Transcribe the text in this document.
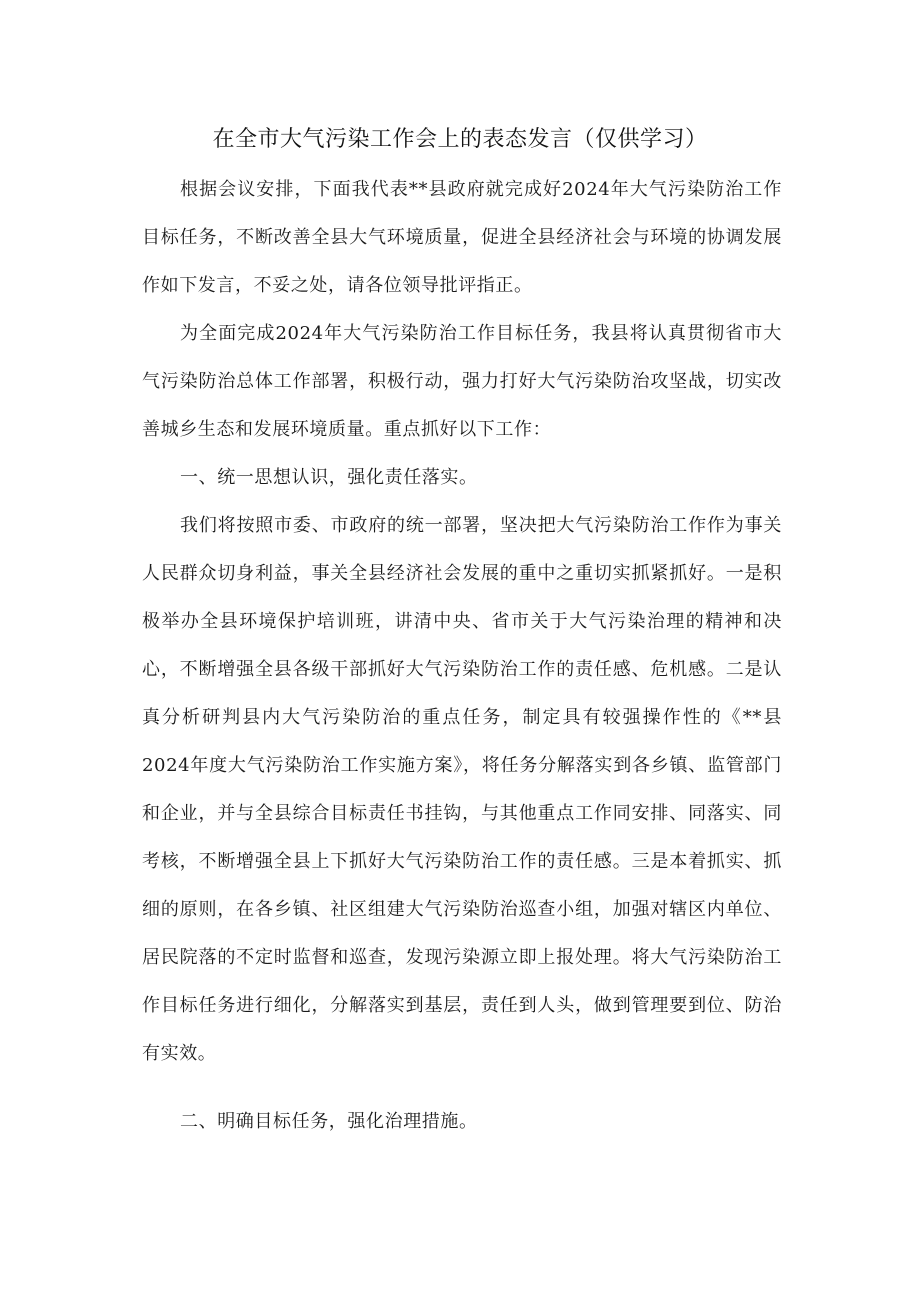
在全市大气污染工作会上的表态发言（仅供学习）

根据会议安排，下面我代表**县政府就完成好2024年大气污染防治工作目标任务，不断改善全县大气环境质量，促进全县经济社会与环境的协调发展作如下发言，不妥之处，请各位领导批评指正。

为全面完成2024年大气污染防治工作目标任务，我县将认真贯彻省市大气污染防治总体工作部署，积极行动，强力打好大气污染防治攻坚战，切实改善城乡生态和发展环境质量。重点抓好以下工作：

一、统一思想认识，强化责任落实。

我们将按照市委、市政府的统一部署，坚决把大气污染防治工作作为事关人民群众切身利益，事关全县经济社会发展的重中之重切实抓紧抓好。一是积极举办全县环境保护培训班，讲清中央、省市关于大气污染治理的精神和决心，不断增强全县各级干部抓好大气污染防治工作的责任感、危机感。二是认真分析研判县内大气污染防治的重点任务，制定具有较强操作性的《**县2024年度大气污染防治工作实施方案》，将任务分解落实到各乡镇、监管部门和企业，并与全县综合目标责任书挂钩，与其他重点工作同安排、同落实、同考核，不断增强全县上下抓好大气污染防治工作的责任感。三是本着抓实、抓细的原则，在各乡镇、社区组建大气污染防治巡查小组，加强对辖区内单位、居民院落的不定时监督和巡查，发现污染源立即上报处理。将大气污染防治工作目标任务进行细化，分解落实到基层，责任到人头，做到管理要到位、防治有实效。

二、明确目标任务，强化治理措施。
